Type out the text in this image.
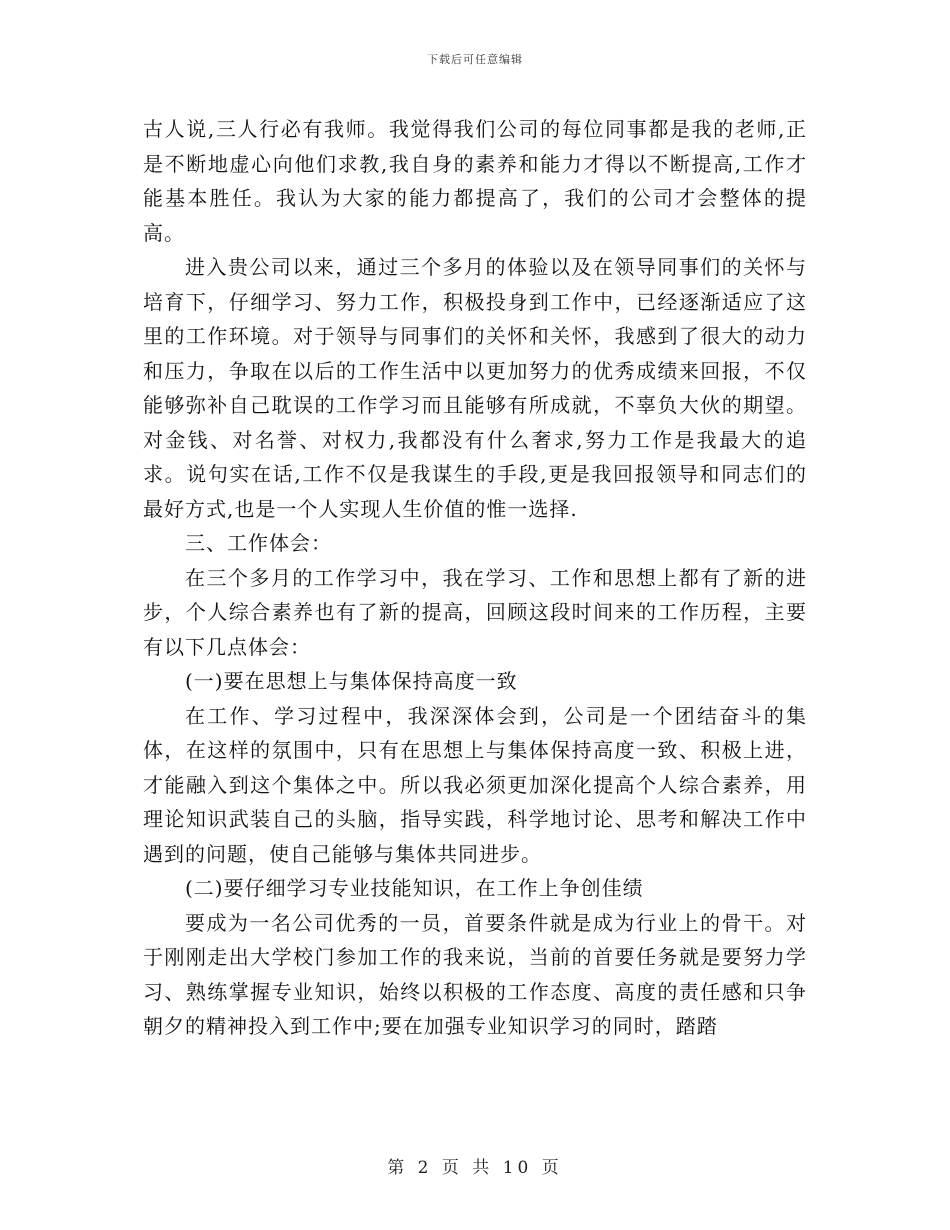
下载后可任意编辑

古人说,三人行必有我师。我觉得我们公司的每位同事都是我的老师,正是不断地虚心向他们求教,我自身的素养和能力才得以不断提高,工作才能基本胜任。我认为大家的能力都提高了，我们的公司才会整体的提高。

进入贵公司以来，通过三个多月的体验以及在领导同事们的关怀与培育下，仔细学习、努力工作，积极投身到工作中，已经逐渐适应了这里的工作环境。对于领导与同事们的关怀和关怀，我感到了很大的动力和压力，争取在以后的工作生活中以更加努力的优秀成绩来回报，不仅能够弥补自己耽误的工作学习而且能够有所成就，不辜负大伙的期望。对金钱、对名誉、对权力,我都没有什么奢求,努力工作是我最大的追求。说句实在话,工作不仅是我谋生的手段,更是我回报领导和同志们的最好方式,也是一个人实现人生价值的惟一选择.

三、工作体会：

在三个多月的工作学习中，我在学习、工作和思想上都有了新的进步，个人综合素养也有了新的提高，回顾这段时间来的工作历程，主要有以下几点体会：

(一)要在思想上与集体保持高度一致

在工作、学习过程中，我深深体会到，公司是一个团结奋斗的集体，在这样的氛围中，只有在思想上与集体保持高度一致、积极上进，才能融入到这个集体之中。所以我必须更加深化提高个人综合素养，用理论知识武装自己的头脑，指导实践，科学地讨论、思考和解决工作中遇到的问题，使自己能够与集体共同进步。

(二)要仔细学习专业技能知识，在工作上争创佳绩

要成为一名公司优秀的一员，首要条件就是成为行业上的骨干。对于刚刚走出大学校门参加工作的我来说，当前的首要任务就是要努力学习、熟练掌握专业知识，始终以积极的工作态度、高度的责任感和只争朝夕的精神投入到工作中;要在加强专业知识学习的同时，踏踏

第 2 页 共 10 页
